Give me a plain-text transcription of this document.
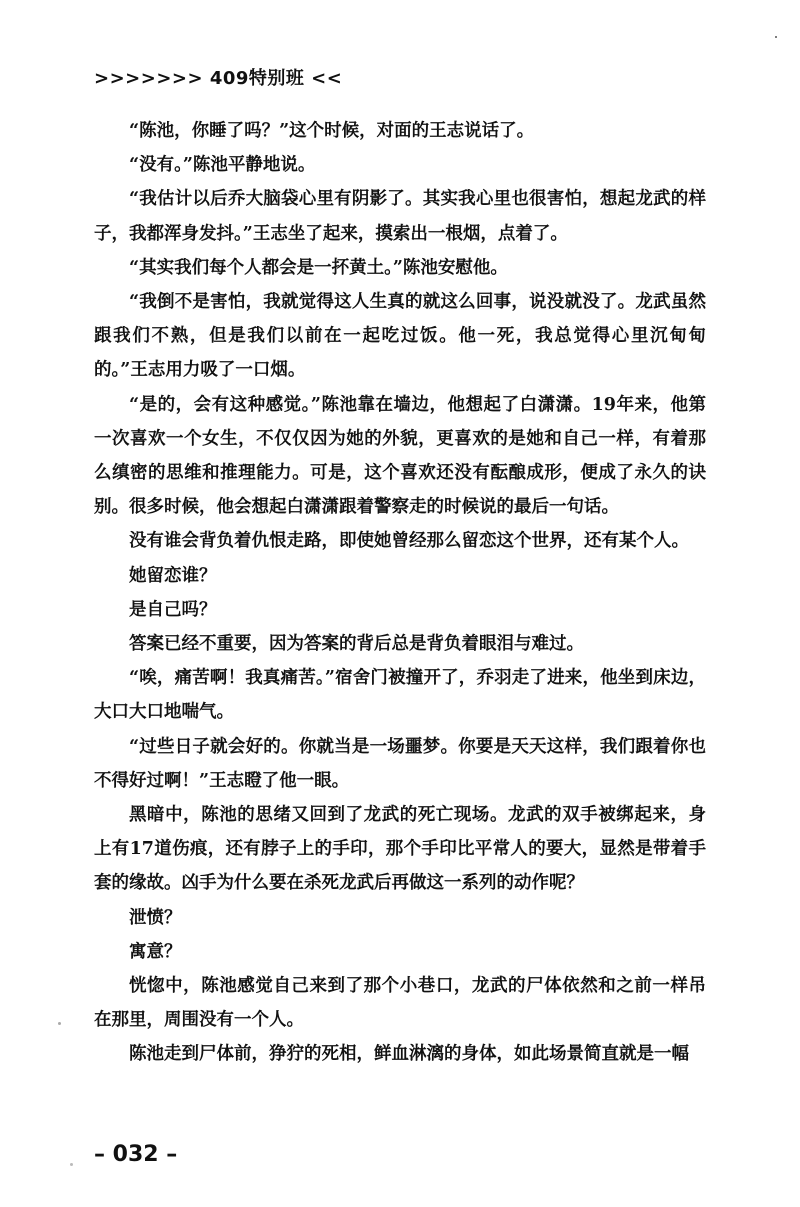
>>>>>>> 409特别班 <<

“陈池，你睡了吗？”这个时候，对面的王志说话了。

“没有。”陈池平静地说。

“我估计以后乔大脑袋心里有阴影了。其实我心里也很害怕，想起龙武的样子，我都浑身发抖。”王志坐了起来，摸索出一根烟，点着了。

“其实我们每个人都会是一抔黄土。”陈池安慰他。

“我倒不是害怕，我就觉得这人生真的就这么回事，说没就没了。龙武虽然跟我们不熟，但是我们以前在一起吃过饭。他一死，我总觉得心里沉甸甸的。”王志用力吸了一口烟。

“是的，会有这种感觉。”陈池靠在墙边，他想起了白潇潇。19年来，他第一次喜欢一个女生，不仅仅因为她的外貌，更喜欢的是她和自己一样，有着那么缜密的思维和推理能力。可是，这个喜欢还没有酝酿成形，便成了永久的诀别。很多时候，他会想起白潇潇跟着警察走的时候说的最后一句话。

没有谁会背负着仇恨走路，即使她曾经那么留恋这个世界，还有某个人。

她留恋谁？

是自己吗？

答案已经不重要，因为答案的背后总是背负着眼泪与难过。

“唉，痛苦啊！我真痛苦。”宿舍门被撞开了，乔羽走了进来，他坐到床边，大口大口地喘气。

“过些日子就会好的。你就当是一场噩梦。你要是天天这样，我们跟着你也不得好过啊！”王志瞪了他一眼。

黑暗中，陈池的思绪又回到了龙武的死亡现场。龙武的双手被绑起来，身上有17道伤痕，还有脖子上的手印，那个手印比平常人的要大，显然是带着手套的缘故。凶手为什么要在杀死龙武后再做这一系列的动作呢？

泄愤？

寓意？

恍惚中，陈池感觉自己来到了那个小巷口，龙武的尸体依然和之前一样吊在那里，周围没有一个人。

陈池走到尸体前，狰狞的死相，鲜血淋漓的身体，如此场景简直就是一幅

– 032 –
